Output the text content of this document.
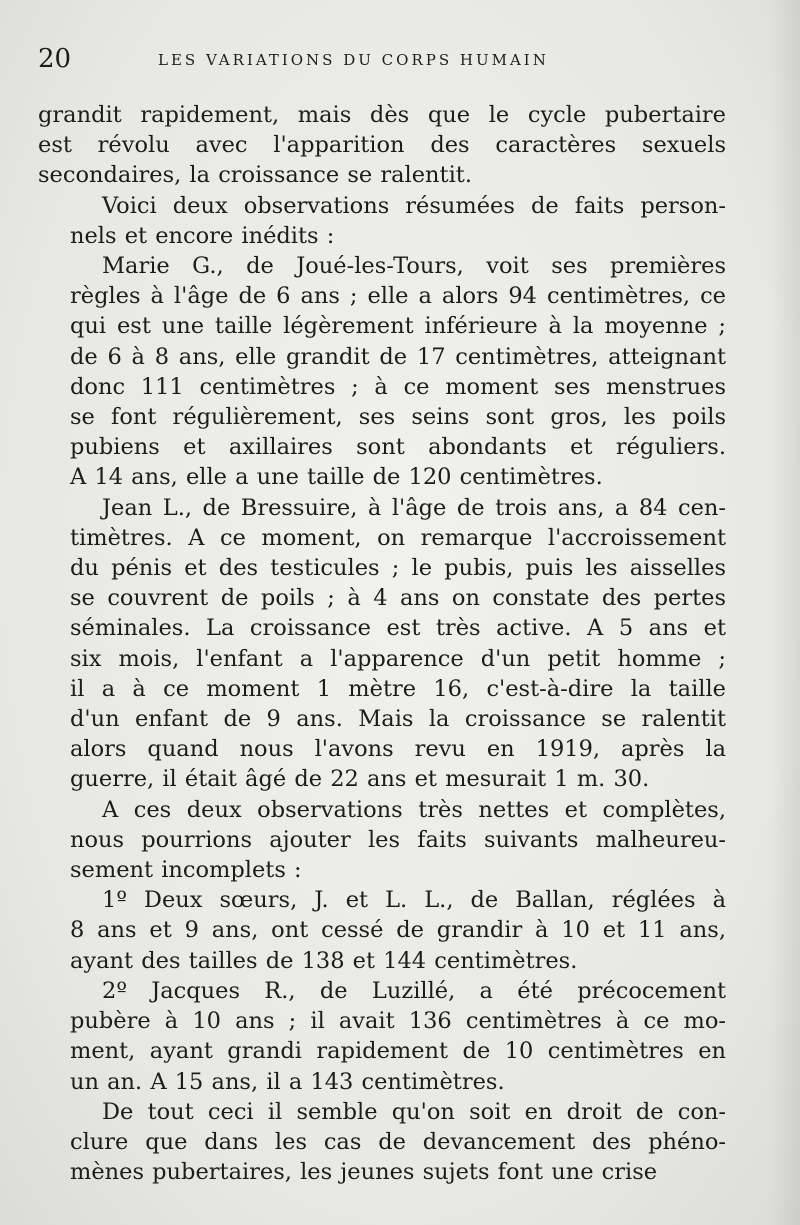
20	LES VARIATIONS DU CORPS HUMAIN

grandit rapidement, mais dès que le cycle pubertaire
est révolu avec l'apparition des caractères sexuels
secondaires, la croissance se ralentit.

Voici deux observations résumées de faits person-
nels et encore inédits :

Marie G., de Joué-les-Tours, voit ses premières
règles à l'âge de 6 ans ; elle a alors 94 centimètres, ce
qui est une taille légèrement inférieure à la moyenne ;
de 6 à 8 ans, elle grandit de 17 centimètres, atteignant
donc 111 centimètres ; à ce moment ses menstrues
se font régulièrement, ses seins sont gros, les poils
pubiens et axillaires sont abondants et réguliers.
A 14 ans, elle a une taille de 120 centimètres.

Jean L., de Bressuire, à l'âge de trois ans, a 84 cen-
timètres. A ce moment, on remarque l'accroissement
du pénis et des testicules ; le pubis, puis les aisselles
se couvrent de poils ; à 4 ans on constate des pertes
séminales. La croissance est très active. A 5 ans et
six mois, l'enfant a l'apparence d'un petit homme ;
il a à ce moment 1 mètre 16, c'est-à-dire la taille
d'un enfant de 9 ans. Mais la croissance se ralentit
alors quand nous l'avons revu en 1919, après la
guerre, il était âgé de 22 ans et mesurait 1 m. 30.

A ces deux observations très nettes et complètes,
nous pourrions ajouter les faits suivants malheureu-
sement incomplets :

1º Deux sœurs, J. et L. L., de Ballan, réglées à
8 ans et 9 ans, ont cessé de grandir à 10 et 11 ans,
ayant des tailles de 138 et 144 centimètres.

2º Jacques R., de Luzillé, a été précocement
pubère à 10 ans ; il avait 136 centimètres à ce mo-
ment, ayant grandi rapidement de 10 centimètres en
un an. A 15 ans, il a 143 centimètres.

De tout ceci il semble qu'on soit en droit de con-
clure que dans les cas de devancement des phéno-
mènes pubertaires, les jeunes sujets font une crise
